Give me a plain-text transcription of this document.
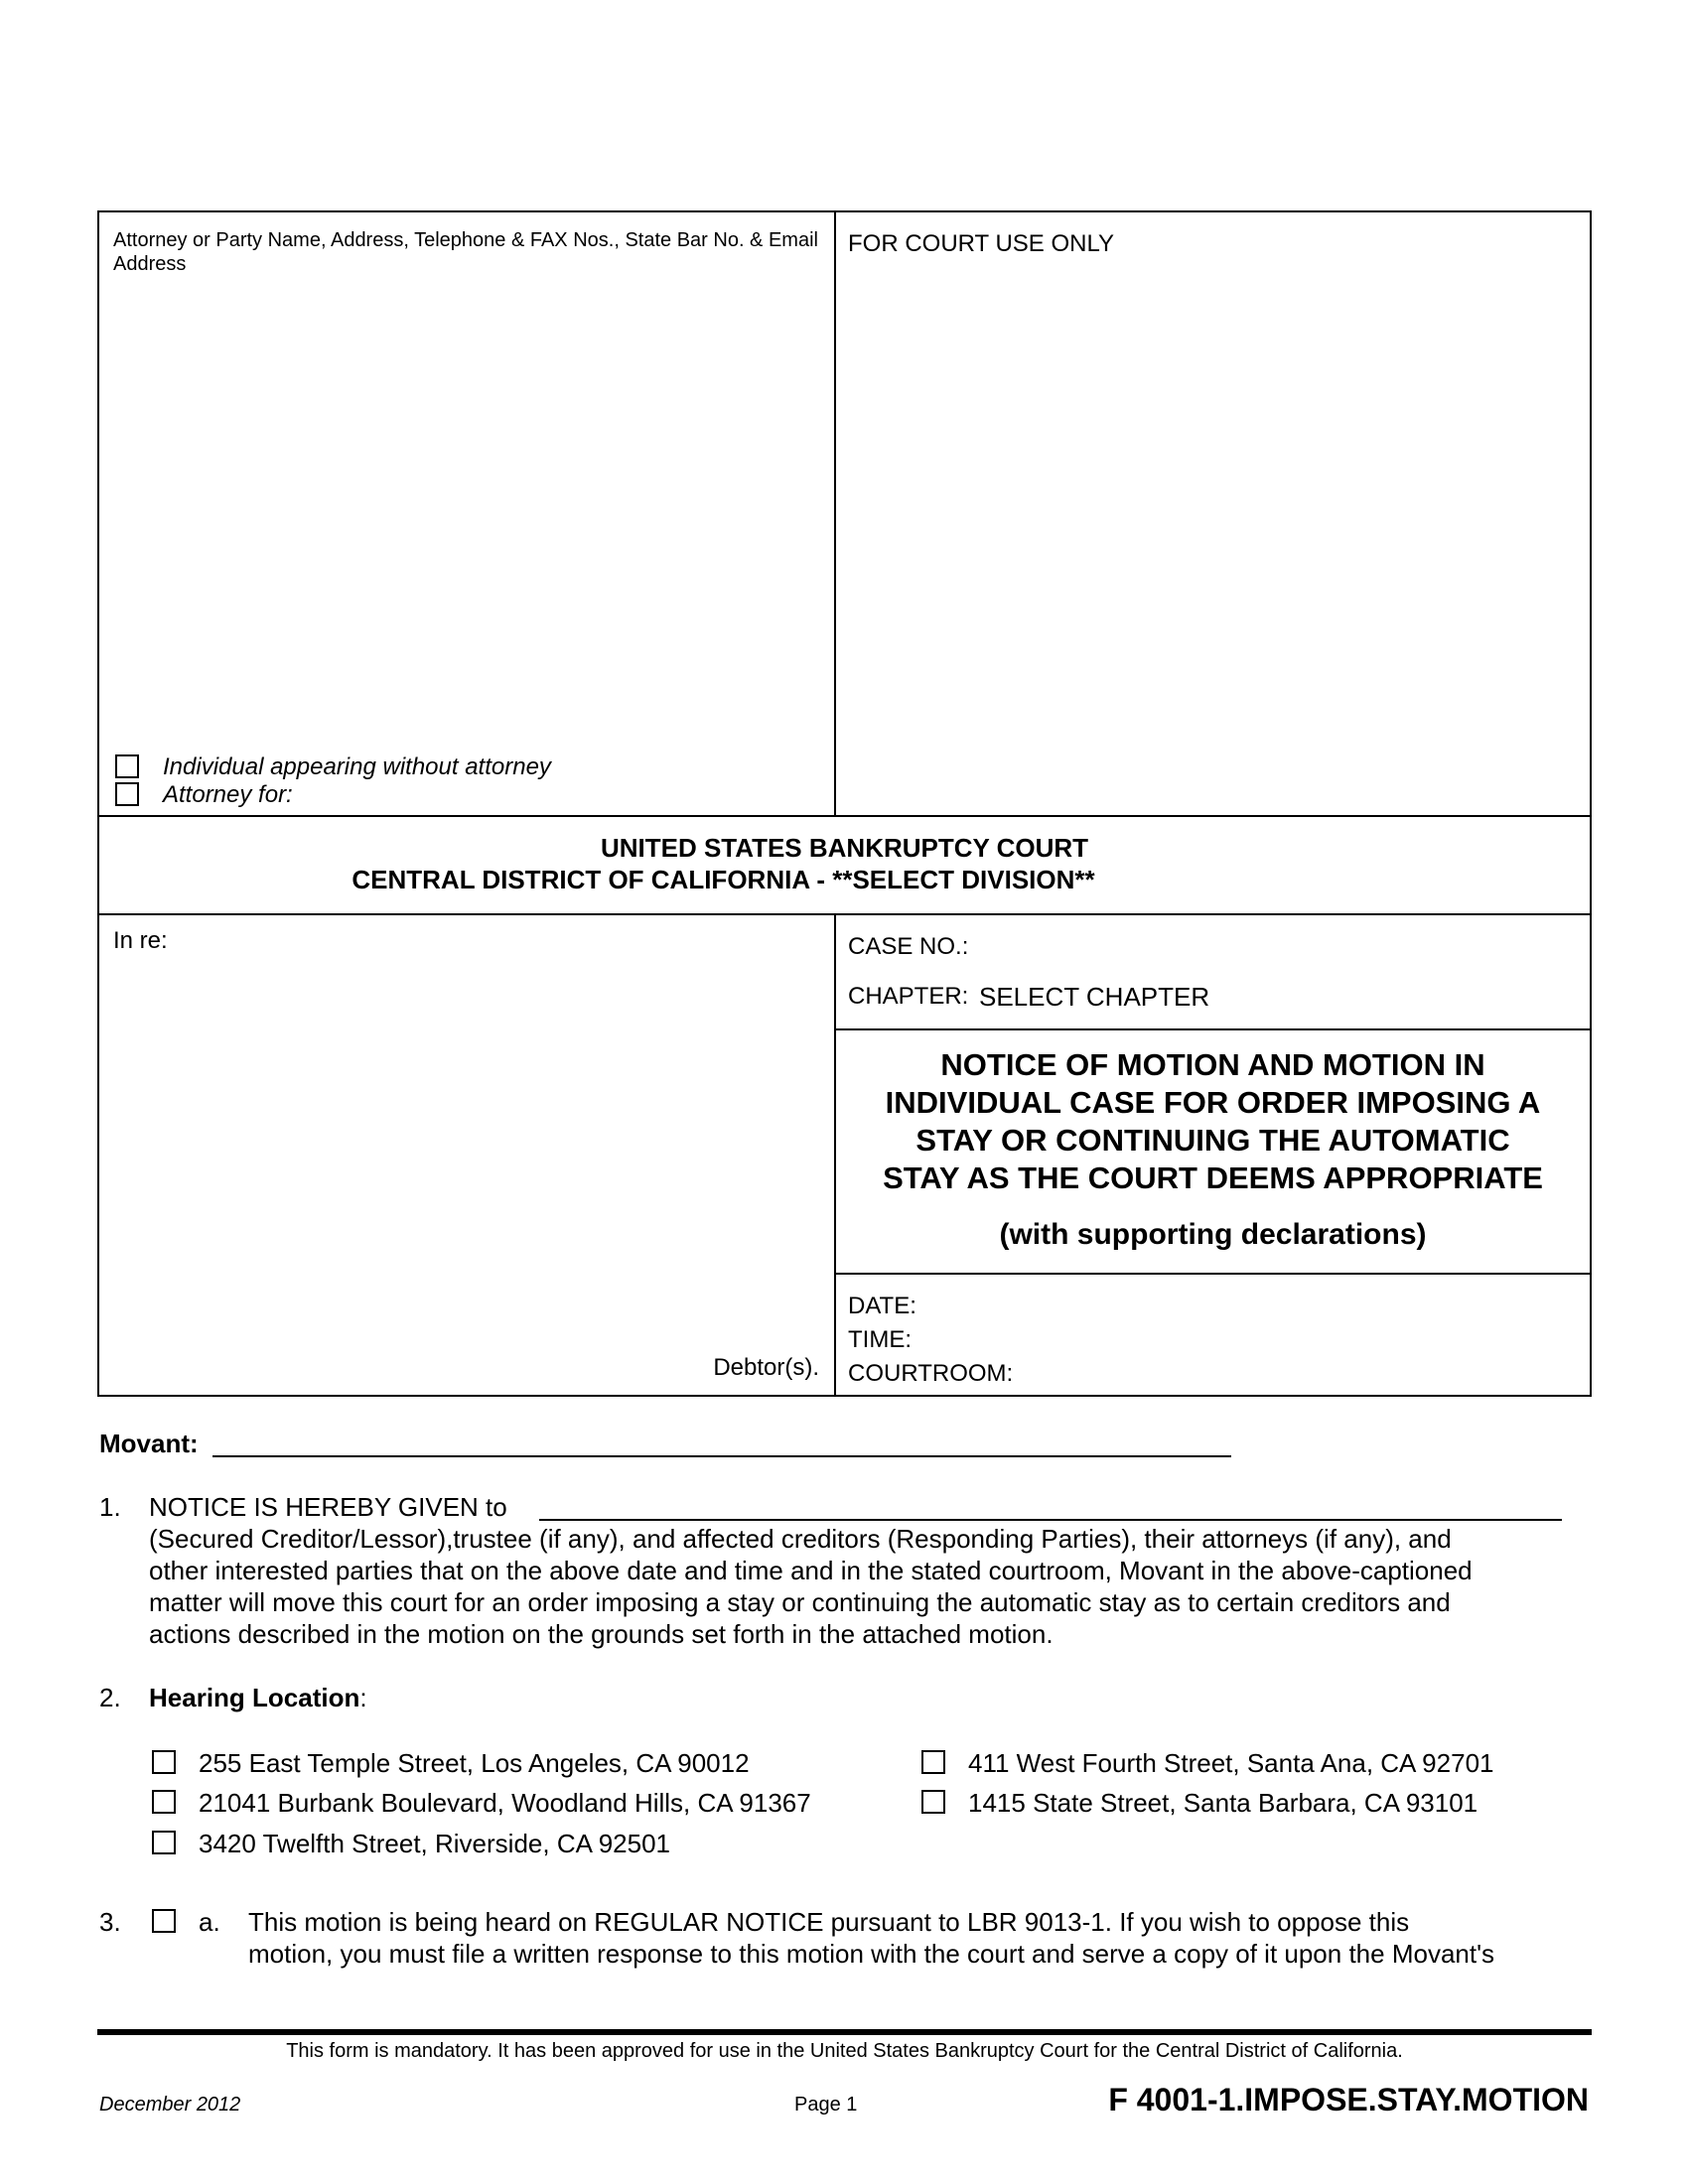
Attorney or Party Name, Address, Telephone & FAX Nos., State Bar No. & Email Address
Individual appearing without attorney
Attorney for:
FOR COURT USE ONLY
UNITED STATES BANKRUPTCY COURT
CENTRAL DISTRICT OF CALIFORNIA - **SELECT DIVISION**
In re:
Debtor(s).
CASE NO.:
CHAPTER: SELECT CHAPTER
NOTICE OF MOTION AND MOTION IN
INDIVIDUAL CASE FOR ORDER IMPOSING A
STAY OR CONTINUING THE AUTOMATIC
STAY AS THE COURT DEEMS APPROPRIATE
(with supporting declarations)
DATE:
TIME:
COURTROOM:
Movant:
1. NOTICE IS HEREBY GIVEN to
(Secured Creditor/Lessor),trustee (if any), and affected creditors (Responding Parties), their attorneys (if any), and
other interested parties that on the above date and time and in the stated courtroom, Movant in the above-captioned
matter will move this court for an order imposing a stay or continuing the automatic stay as to certain creditors and
actions described in the motion on the grounds set forth in the attached motion.
2. Hearing Location:
255 East Temple Street, Los Angeles, CA 90012
21041 Burbank Boulevard, Woodland Hills, CA 91367
3420 Twelfth Street, Riverside, CA 92501
411 West Fourth Street, Santa Ana, CA 92701
1415 State Street, Santa Barbara, CA 93101
3.	a. This motion is being heard on REGULAR NOTICE pursuant to LBR 9013-1. If you wish to oppose this
motion, you must file a written response to this motion with the court and serve a copy of it upon the Movant's
This form is mandatory. It has been approved for use in the United States Bankruptcy Court for the Central District of California.
December 2012	Page 1	F 4001-1.IMPOSE.STAY.MOTION
